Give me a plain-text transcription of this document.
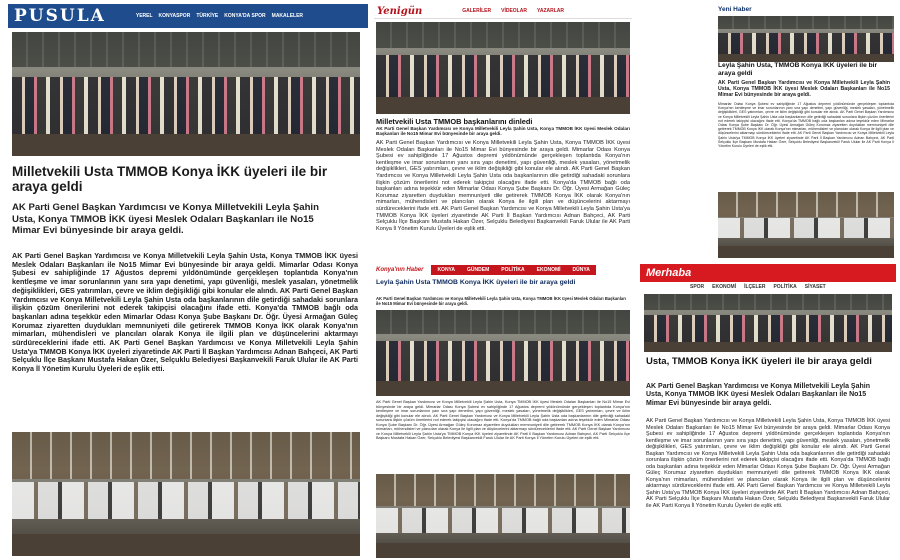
PUSULA	YEREL KONYASPOR TÜRKİYE KONYA'DA SPOR MAKALELER
Milletvekili Usta TMMOB Konya İKK üyeleri ile bir araya geldi
AK Parti Genel Başkan Yardımcısı ve Konya Milletvekili Leyla Şahin Usta, Konya TMMOB İKK üyesi Meslek Odaları Başkanları ile No15 Mimar Evi bünyesinde bir araya geldi.
AK Parti Genel Başkan Yardımcısı ve Konya Milletvekili Leyla Şahin Usta, Konya TMMOB İKK üyesi Meslek Odaları Başkanları ile No15 Mimar Evi bünyesinde bir araya geldi. Mimarlar Odası Konya Şubesi ev sahipliğinde 17 Ağustos depremi yıldönümünde gerçekleşen toplantıda Konya'nın kentleşme ve imar sorunlarının yanı sıra yapı denetimi, yapı güvenliği, meslek yasaları, yönetmelik değişiklikleri, GES yatırımları, çevre ve iklim değişikliği gibi konular ele alındı. AK Parti Genel Başkan Yardımcısı ve Konya Milletvekili Leyla Şahin Usta oda başkanlarının dile getirdiği sahadaki sorunlara ilişkin çözüm önerilerini not ederek takipçisi olacağını ifade etti. Konya'da TMMOB bağlı oda başkanları adına teşekkür eden Mimarlar Odası Konya Şube Başkanı Dr. Öğr. Üyesi Armağan Güleç Korumaz ziyaretten duydukları memnuniyeti dile getirerek TMMOB Konya İKK olarak Konya'nın mimarları, mühendisleri ve plancıları olarak Konya ile ilgili plan ve düşüncelerini aktarmayı sürdüreceklerini ifade etti. AK Parti Genel Başkan Yardımcısı ve Konya Milletvekili Leyla Şahin Usta'ya TMMOB Konya İKK üyeleri ziyaretinde AK Parti İl Başkan Yardımcısı Adnan Bahçeci, AK Parti Selçuklu İlçe Başkanı Mustafa Hakan Özer, Selçuklu Belediyesi Başkanvekili Faruk Ulular ile AK Parti Konya İl Yönetim Kurulu Üyeleri de eşlik etti.
Yenigün	GALERİLER VİDEOLAR YAZARLAR
Milletvekili Usta TMMOB başkanlarını dinledi
AK Parti Genel Başkan Yardımcısı ve Konya Milletvekili Leyla Şahin Usta, Konya TMMOB İKK üyesi Meslek Odaları Başkanları ile No15 Mimar Evi bünyesinde bir araya geldi.
AK Parti Genel Başkan Yardımcısı ve Konya Milletvekili Leyla Şahin Usta, Konya TMMOB İKK üyesi Meslek Odaları Başkanları ile No15 Mimar Evi bünyesinde bir araya geldi. Mimarlar Odası Konya Şubesi ev sahipliğinde 17 Ağustos depremi yıldönümünde gerçekleşen toplantıda Konya'nın kentleşme ve imar sorunlarının yanı sıra yapı denetimi, yapı güvenliği, meslek yasaları, yönetmelik değişiklikleri, GES yatırımları, çevre ve iklim değişikliği gibi konular ele alındı. AK Parti Genel Başkan Yardımcısı ve Konya Milletvekili Leyla Şahin Usta oda başkanlarının dile getirdiği sahadaki sorunlara ilişkin çözüm önerilerini not ederek takipçisi olacağını ifade etti. Konya'da TMMOB bağlı oda başkanları adına teşekkür eden Mimarlar Odası Konya Şube Başkanı Dr. Öğr. Üyesi Armağan Güleç Korumaz ziyaretten duydukları memnuniyeti dile getirerek TMMOB Konya İKK olarak Konya'nın mimarları, mühendisleri ve plancıları olarak Konya ile ilgili plan ve düşüncelerini aktarmayı sürdüreceklerini ifade etti. AK Parti Genel Başkan Yardımcısı ve Konya Milletvekili Leyla Şahin Usta'ya TMMOB Konya İKK üyeleri ziyaretinde AK Parti İl Başkan Yardımcısı Adnan Bahçeci, AK Parti Selçuklu İlçe Başkanı Mustafa Hakan Özer, Selçuklu Belediyesi Başkanvekili Faruk Ulular ile AK Parti Konya İl Yönetim Kurulu Üyeleri de eşlik etti.
Yeni Haber
Leyla Şahin Usta, TMMOB Konya İKK üyeleri ile bir araya geldi
AK Parti Genel Başkan Yardımcısı ve Konya Milletvekili Leyla Şahin Usta, Konya TMMOB İKK üyesi Meslek Odaları Başkanları ile No15 Mimar Evi bünyesinde bir araya geldi.
Mimarlar Odası Konya Şubesi ev sahipliğinde 17 Ağustos depremi yıldönümünde gerçekleşen toplantıda Konya'nın kentleşme ve imar sorunlarının yanı sıra yapı denetimi, yapı güvenliği, meslek yasaları, yönetmelik değişiklikleri, GES yatırımları, çevre ve iklim değişikliği gibi konular ele alındı. AK Parti Genel Başkan Yardımcısı ve Konya Milletvekili Leyla Şahin Usta oda başkanlarının dile getirdiği sahadaki sorunlara ilişkin çözüm önerilerini not ederek takipçisi olacağını ifade etti. Konya'da TMMOB bağlı oda başkanları adına teşekkür eden Mimarlar Odası Konya Şube Başkanı Dr. Öğr. Üyesi Armağan Güleç Korumaz ziyaretten duydukları memnuniyeti dile getirerek TMMOB Konya İKK olarak Konya'nın mimarları, mühendisleri ve plancıları olarak Konya ile ilgili plan ve düşüncelerini aktarmayı sürdüreceklerini ifade etti. AK Parti Genel Başkan Yardımcısı ve Konya Milletvekili Leyla Şahin Usta'ya TMMOB Konya İKK üyeleri ziyaretinde AK Parti İl Başkan Yardımcısı Adnan Bahçeci, AK Parti Selçuklu İlçe Başkanı Mustafa Hakan Özer, Selçuklu Belediyesi Başkanvekili Faruk Ulular ile AK Parti Konya İl Yönetim Kurulu Üyeleri de eşlik etti.
Konya'nın Haber	KONYA GÜNDEM POLİTİKA EKONOMİ DÜNYA
Leyla Şahin Usta TMMOB Konya İKK üyeleri ile bir araya geldi
AK Parti Genel Başkan Yardımcısı ve Konya Milletvekili Leyla Şahin Usta, Konya TMMOB İKK üyesi Meslek Odaları Başkanları ile No15 Mimar Evi bünyesinde bir araya geldi.
AK Parti Genel Başkan Yardımcısı ve Konya Milletvekili Leyla Şahin Usta, Konya TMMOB İKK üyesi Meslek Odaları Başkanları ile No15 Mimar Evi bünyesinde bir araya geldi. Mimarlar Odası Konya Şubesi ev sahipliğinde 17 Ağustos depremi yıldönümünde gerçekleşen toplantıda Konya'nın kentleşme ve imar sorunlarının yanı sıra yapı denetimi, yapı güvenliği, meslek yasaları, yönetmelik değişiklikleri, GES yatırımları, çevre ve iklim değişikliği gibi konular ele alındı. AK Parti Genel Başkan Yardımcısı ve Konya Milletvekili Leyla Şahin Usta oda başkanlarının dile getirdiği sahadaki sorunlara ilişkin çözüm önerilerini not ederek takipçisi olacağını ifade etti. Konya'da TMMOB bağlı oda başkanları adına teşekkür eden Mimarlar Odası Konya Şube Başkanı Dr. Öğr. Üyesi Armağan Güleç Korumaz ziyaretten duydukları memnuniyeti dile getirerek TMMOB Konya İKK olarak Konya'nın mimarları, mühendisleri ve plancıları olarak Konya ile ilgili plan ve düşüncelerini aktarmayı sürdüreceklerini ifade etti. AK Parti Genel Başkan Yardımcısı ve Konya Milletvekili Leyla Şahin Usta'ya TMMOB Konya İKK üyeleri ziyaretinde AK Parti İl Başkan Yardımcısı Adnan Bahçeci, AK Parti Selçuklu İlçe Başkanı Mustafa Hakan Özer, Selçuklu Belediyesi Başkanvekili Faruk Ulular ile AK Parti Konya İl Yönetim Kurulu Üyeleri de eşlik etti.
Merhaba
SPOR EKONOMİ İLÇELER POLİTİKA SİYASET
Usta, TMMOB Konya İKK üyeleri ile bir araya geldi
AK Parti Genel Başkan Yardımcısı ve Konya Milletvekili Leyla Şahin Usta, Konya TMMOB İKK üyesi Meslek Odaları Başkanları ile No15 Mimar Evi bünyesinde bir araya geldi.
AK Parti Genel Başkan Yardımcısı ve Konya Milletvekili Leyla Şahin Usta, Konya TMMOB İKK üyesi Meslek Odaları Başkanları ile No15 Mimar Evi bünyesinde bir araya geldi. Mimarlar Odası Konya Şubesi ev sahipliğinde 17 Ağustos depremi yıldönümünde gerçekleşen toplantıda Konya'nın kentleşme ve imar sorunlarının yanı sıra yapı denetimi, yapı güvenliği, meslek yasaları, yönetmelik değişiklikleri, GES yatırımları, çevre ve iklim değişikliği gibi konular ele alındı. AK Parti Genel Başkan Yardımcısı ve Konya Milletvekili Leyla Şahin Usta oda başkanlarının dile getirdiği sahadaki sorunlara ilişkin çözüm önerilerini not ederek takipçisi olacağını ifade etti. Konya'da TMMOB bağlı oda başkanları adına teşekkür eden Mimarlar Odası Konya Şube Başkanı Dr. Öğr. Üyesi Armağan Güleç Korumaz ziyaretten duydukları memnuniyeti dile getirerek TMMOB Konya İKK olarak Konya'nın mimarları, mühendisleri ve plancıları olarak Konya ile ilgili plan ve düşüncelerini aktarmayı sürdüreceklerini ifade etti. AK Parti Genel Başkan Yardımcısı ve Konya Milletvekili Leyla Şahin Usta'ya TMMOB Konya İKK üyeleri ziyaretinde AK Parti İl Başkan Yardımcısı Adnan Bahçeci, AK Parti Selçuklu İlçe Başkanı Mustafa Hakan Özer, Selçuklu Belediyesi Başkanvekili Faruk Ulular ile AK Parti Konya İl Yönetim Kurulu Üyeleri de eşlik etti.
